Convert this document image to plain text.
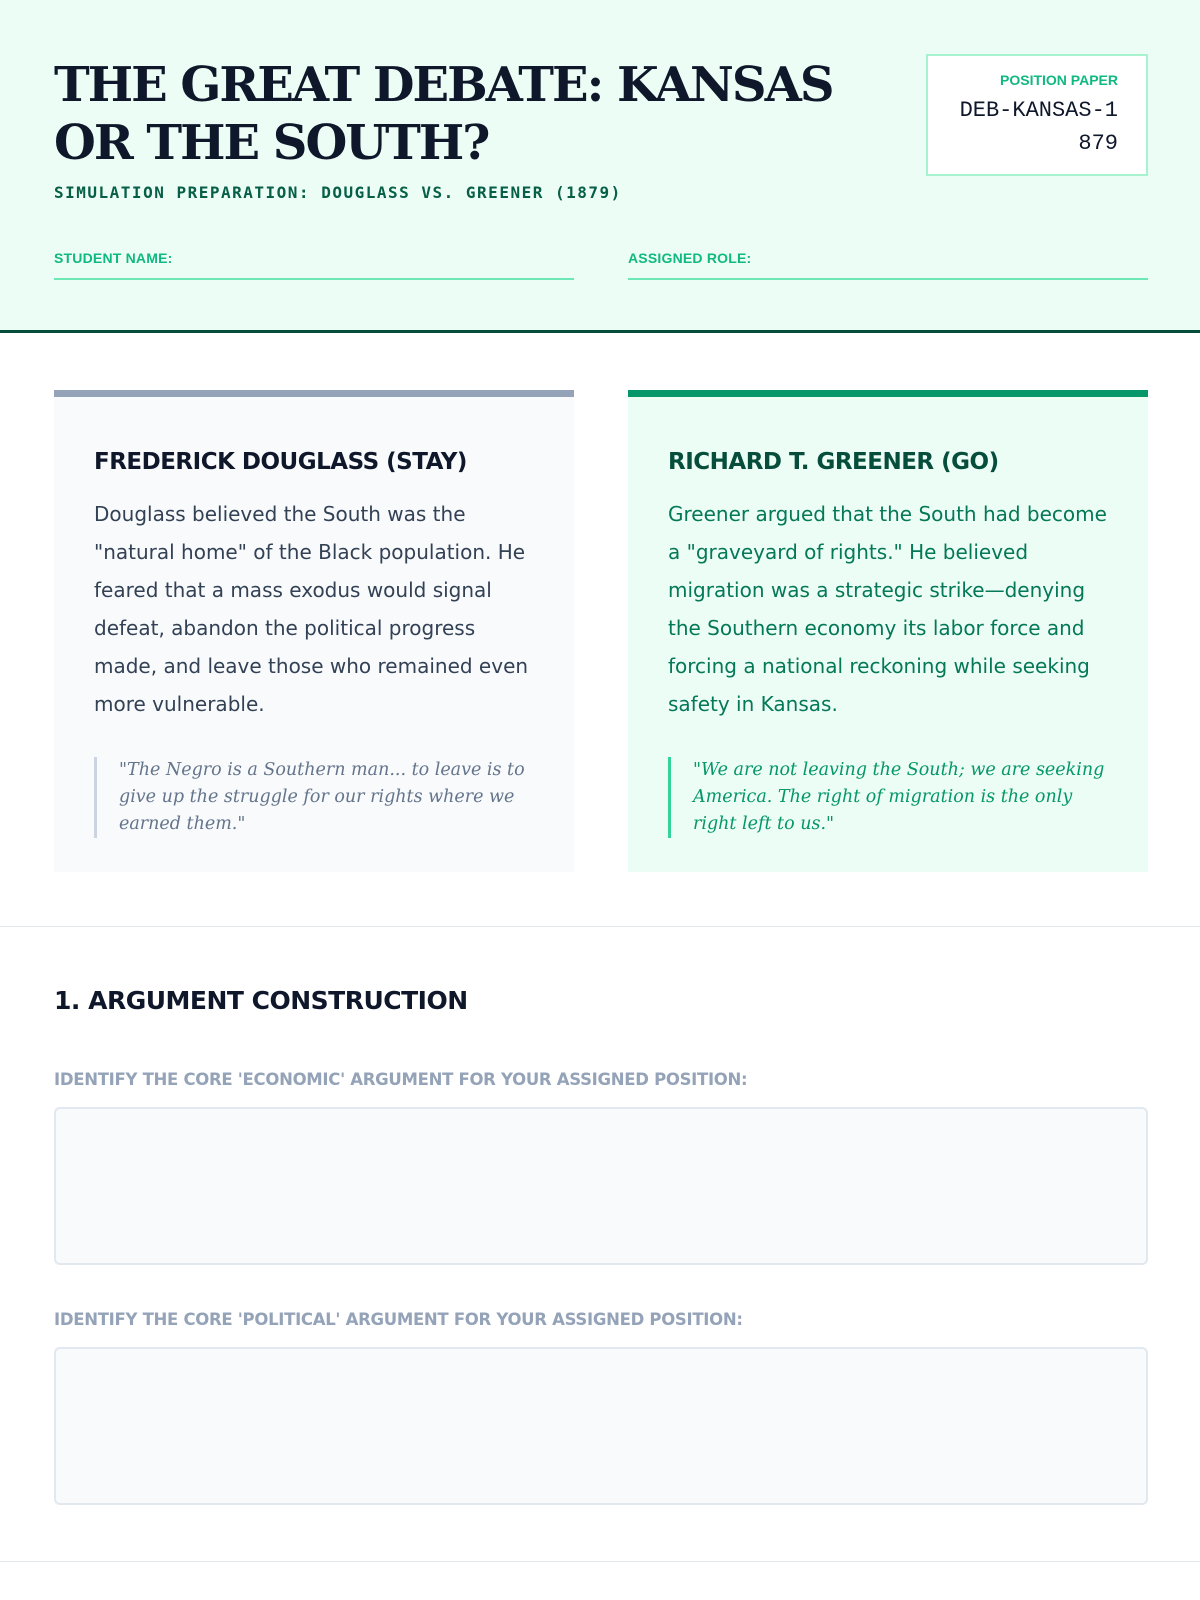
THE GREAT DEBATE: KANSAS OR THE SOUTH?
SIMULATION PREPARATION: DOUGLASS VS. GREENER (1879)
POSITION PAPER
DEB-KANSAS-1879
STUDENT NAME:	ASSIGNED ROLE:
FREDERICK DOUGLASS (STAY)

Douglass believed the South was the "natural home" of the Black population. He feared that a mass exodus would signal defeat, abandon the political progress made, and leave those who remained even more vulnerable.

"The Negro is a Southern man... to leave is to give up the struggle for our rights where we earned them."
RICHARD T. GREENER (GO)

Greener argued that the South had become a "graveyard of rights." He believed migration was a strategic strike—denying the Southern economy its labor force and forcing a national reckoning while seeking safety in Kansas.

"We are not leaving the South; we are seeking America. The right of migration is the only right left to us."
1. ARGUMENT CONSTRUCTION
IDENTIFY THE CORE 'ECONOMIC' ARGUMENT FOR YOUR ASSIGNED POSITION:
IDENTIFY THE CORE 'POLITICAL' ARGUMENT FOR YOUR ASSIGNED POSITION:
